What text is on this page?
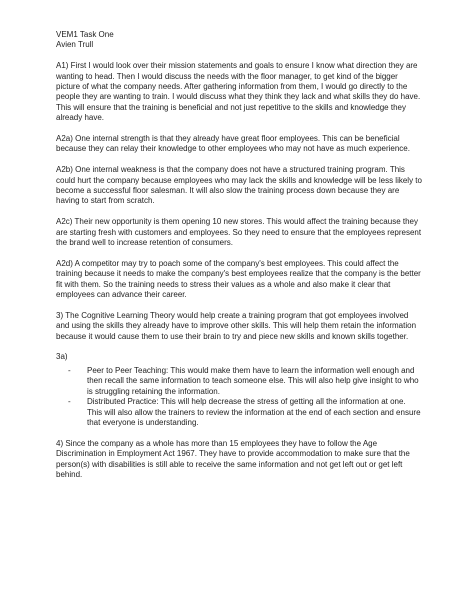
VEM1 Task One

Avien Trull

A1) First I would look over their mission statements and goals to ensure I know what direction they are wanting to head. Then I would discuss the needs with the floor manager, to get kind of the bigger picture of what the company needs. After gathering information from them, I would go directly to the people they are wanting to train. I would discuss what they think they lack and what skills they do have. This will ensure that the training is beneficial and not just repetitive to the skills and knowledge they already have.

A2a) One internal strength is that they already have great floor employees. This can be beneficial because they can relay their knowledge to other employees who may not have as much experience.

A2b) One internal weakness is that the company does not have a structured training program. This could hurt the company because employees who may lack the skills and knowledge will be less likely to become a successful floor salesman. It will also slow the training process down because they are having to start from scratch.

A2c) Their new opportunity is them opening 10 new stores. This would affect the training because they are starting fresh with customers and employees. So they need to ensure that the employees represent the brand well to increase retention of consumers.

A2d) A competitor may try to poach some of the company's best employees. This could affect the training because it needs to make the company's best employees realize that the company is the better fit with them. So the training needs to stress their values as a whole and also make it clear that employees can advance their career.

3) The Cognitive Learning Theory would help create a training program that got employees involved and using the skills they already have to improve other skills. This will help them retain the information because it would cause them to use their brain to try and piece new skills and known skills together.

3a)

- Peer to Peer Teaching: This would make them have to learn the information well enough and then recall the same information to teach someone else. This will also help give insight to who is struggling retaining the information.
- Distributed Practice: This will help decrease the stress of getting all the information at one. This will also allow the trainers to review the information at the end of each section and ensure that everyone is understanding.

4) Since the company as a whole has more than 15 employees they have to follow the Age Discrimination in Employment Act 1967. They have to provide accommodation to make sure that the person(s) with disabilities is still able to receive the same information and not get left out or get left behind.
